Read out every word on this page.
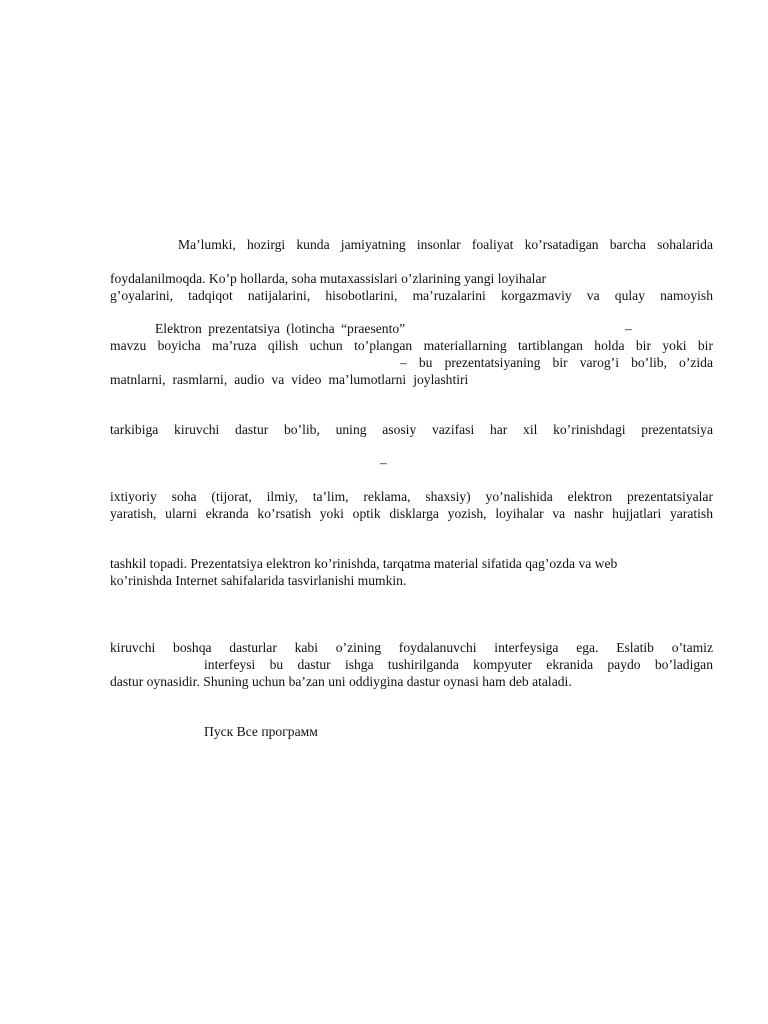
Ma’lumki, hozirgi kunda jamiyatning insonlar foaliyat ko’rsatadigan barcha sohalarida
foydalanilmoqda. Ko’p hollarda, soha mutaxassislari o’zlarining yangi loyihalar
g’oyalarini, tadqiqot natijalarini, hisobotlarini, ma’ruzalarini korgazmaviy va qulay namoyish
Elektron prezentatsiya (lotincha “praesento”	–
mavzu boyicha ma’ruza qilish uchun to’plangan materiallarning tartiblangan holda bir yoki bir
– bu prezentatsiyaning bir varog’i bo’lib, o’zida
matnlarni, rasmlarni, audio va video ma’lumotlarni joylashtiri
tarkibiga kiruvchi dastur bo’lib, uning asosiy vazifasi har xil ko’rinishdagi prezentatsiya
–
ixtiyoriy soha (tijorat, ilmiy, ta’lim, reklama, shaxsiy) yo’nalishida elektron prezentatsiyalar
yaratish, ularni ekranda ko’rsatish yoki optik disklarga yozish, loyihalar va nashr hujjatlari yaratish
tashkil topadi. Prezentatsiya elektron ko’rinishda, tarqatma material sifatida qag’ozda va web
ko’rinishda Internet sahifalarida tasvirlanishi mumkin.
kiruvchi boshqa dasturlar kabi o’zining foydalanuvchi interfeysiga ega. Eslatib o’tamiz
interfeysi bu dastur ishga tushirilganda kompyuter ekranida paydo bo’ladigan
dastur oynasidir. Shuning uchun ba’zan uni oddiygina dastur oynasi ham deb ataladi.
Пуск Все программ
